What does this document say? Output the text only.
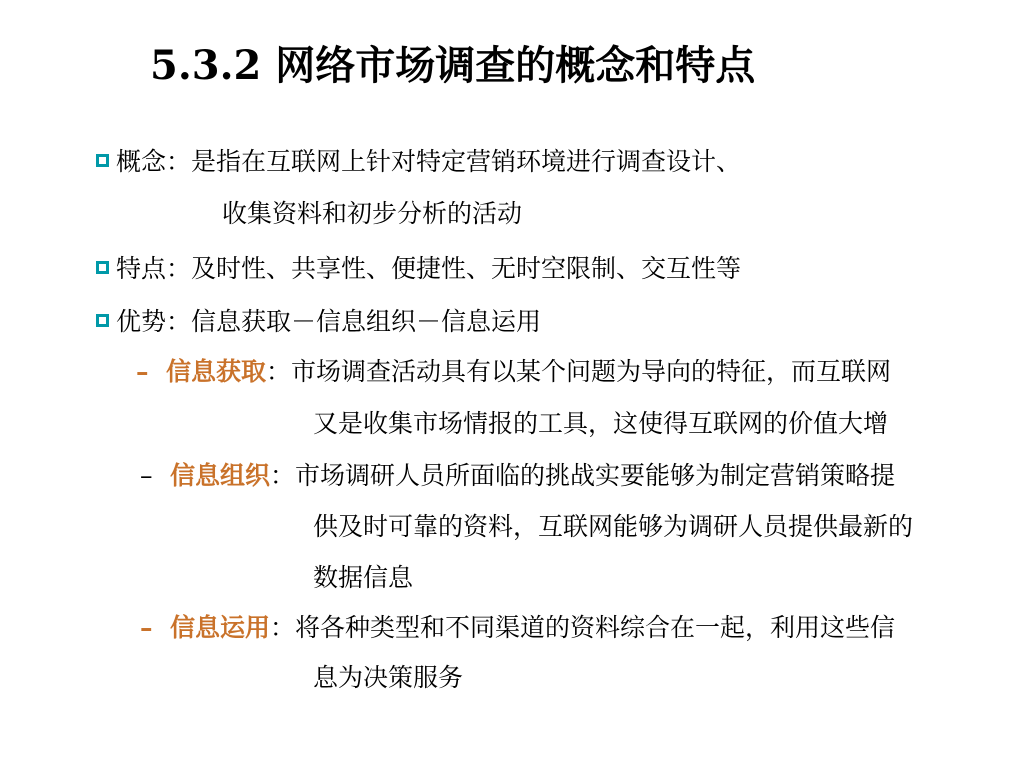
5.3.2 网络市场调查的概念和特点
概念：是指在互联网上针对特定营销环境进行调查设计、
收集资料和初步分析的活动
特点：及时性、共享性、便捷性、无时空限制、交互性等
优势：信息获取－信息组织－信息运用
– 信息获取：市场调查活动具有以某个问题为导向的特征，而互联网
又是收集市场情报的工具，这使得互联网的价值大增
– 信息组织：市场调研人员所面临的挑战实要能够为制定营销策略提
供及时可靠的资料，互联网能够为调研人员提供最新的
数据信息
– 信息运用：将各种类型和不同渠道的资料综合在一起，利用这些信
息为决策服务
